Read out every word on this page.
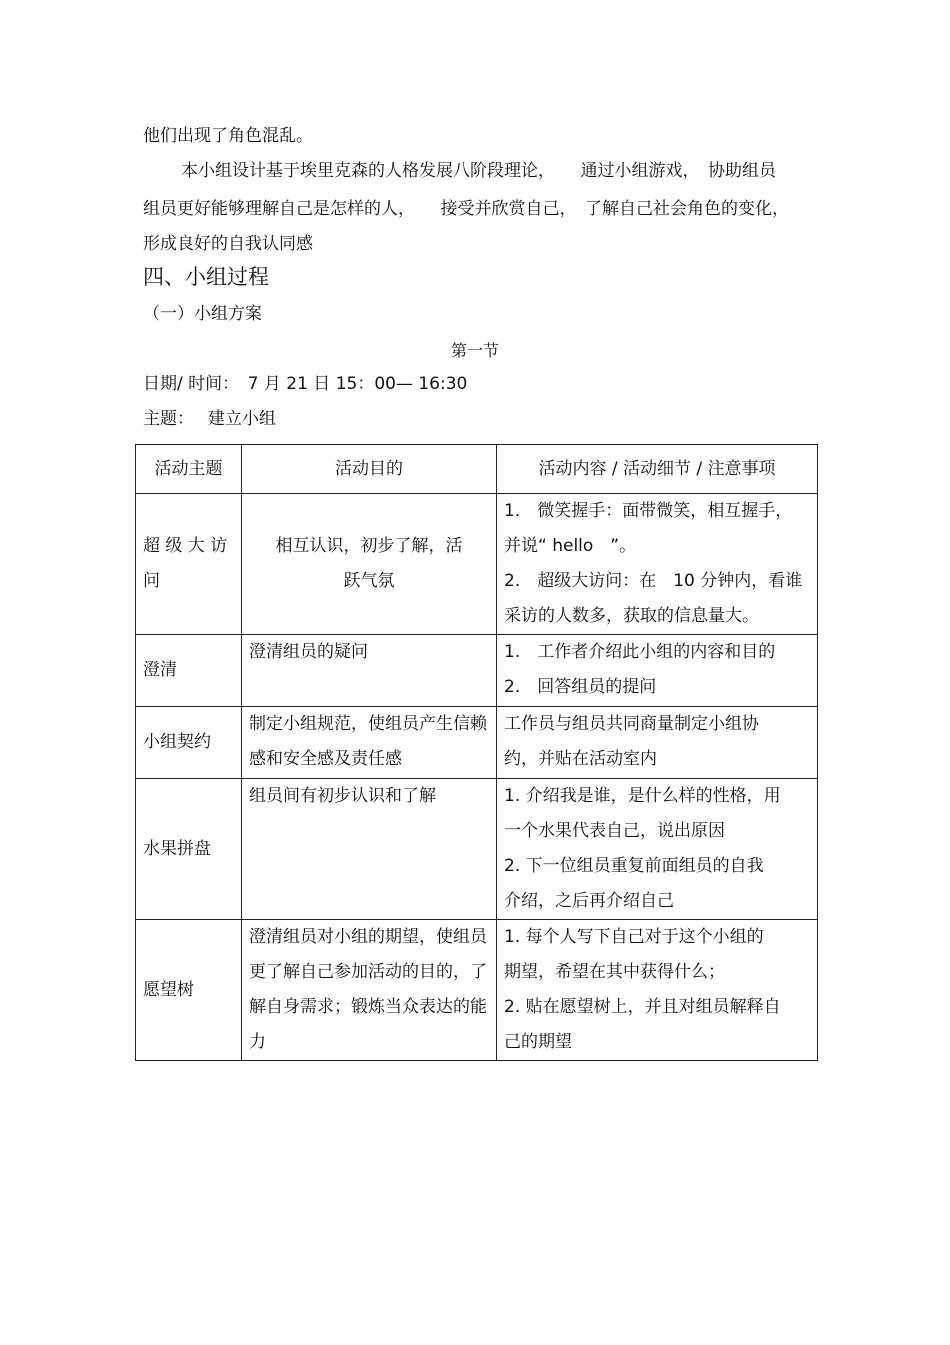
他们出现了角色混乱。

本小组设计基于埃里克森的人格发展八阶段理论，　　通过小组游戏，　协助组员

组员更好能够理解自己是怎样的人，　　接受并欣赏自己，　了解自己社会角色的变化，

形成良好的自我认同感

四、小组过程
（一）小组方案
第一节
日期/ 时间：　7 月 21 日 15：00— 16:30
主题：　 建立小组
活动主题	活动目的	活动内容 / 活动细节 / 注意事项
超 级 大 访 问	相互认识，初步了解，活跃气氛	1.　微笑握手：面带微笑，相互握手，
并说“ hello　”。
2.　超级大访问：在　10 分钟内，看谁
采访的人数多，获取的信息量大。

澄清	澄清组员的疑问	1.　工作者介绍此小组的内容和目的
2.　回答组员的提问

小组契约	制定小组规范，使组员产生信赖感和安全感及责任感	工作员与组员共同商量制定小组协
约，并贴在活动室内

水果拼盘	组员间有初步认识和了解	1. 介绍我是谁，是什么样的性格，用
一个水果代表自己，说出原因
2. 下一位组员重复前面组员的自我
介绍，之后再介绍自己

愿望树	澄清组员对小组的期望，使组员更了解自己参加活动的目的，了解自身需求；锻炼当众表达的能力	1. 每个人写下自己对于这个小组的
期望，希望在其中获得什么；
2. 贴在愿望树上，并且对组员解释自
己的期望
